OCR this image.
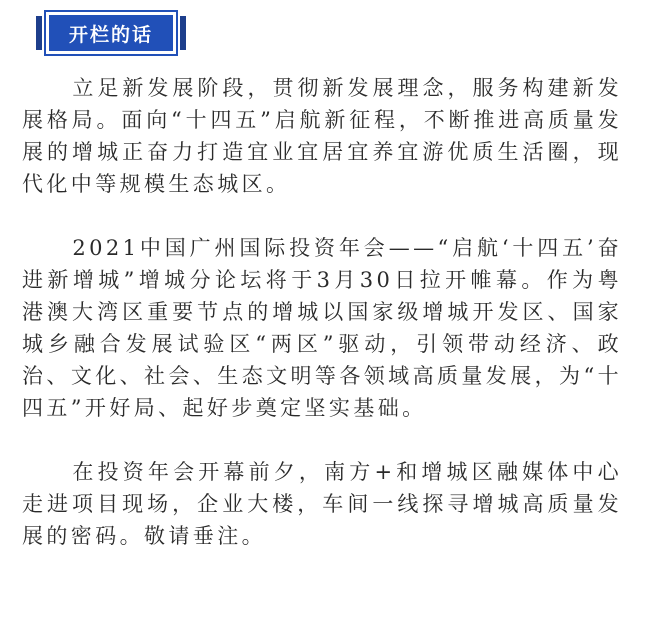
开栏的话

立足新发展阶段，贯彻新发展理念，服务构建新发展格局。面向“十四五”启航新征程，不断推进高质量发展的增城正奋力打造宜业宜居宜养宜游优质生活圈，现代化中等规模生态城区。

2021中国广州国际投资年会——“启航‘十四五’奋进新增城”增城分论坛将于3月30日拉开帷幕。作为粤港澳大湾区重要节点的增城以国家级增城开发区、国家城乡融合发展试验区“两区”驱动，引领带动经济、政治、文化、社会、生态文明等各领域高质量发展，为“十四五”开好局、起好步奠定坚实基础。

在投资年会开幕前夕，南方+和增城区融媒体中心走进项目现场，企业大楼，车间一线探寻增城高质量发展的密码。敬请垂注。
